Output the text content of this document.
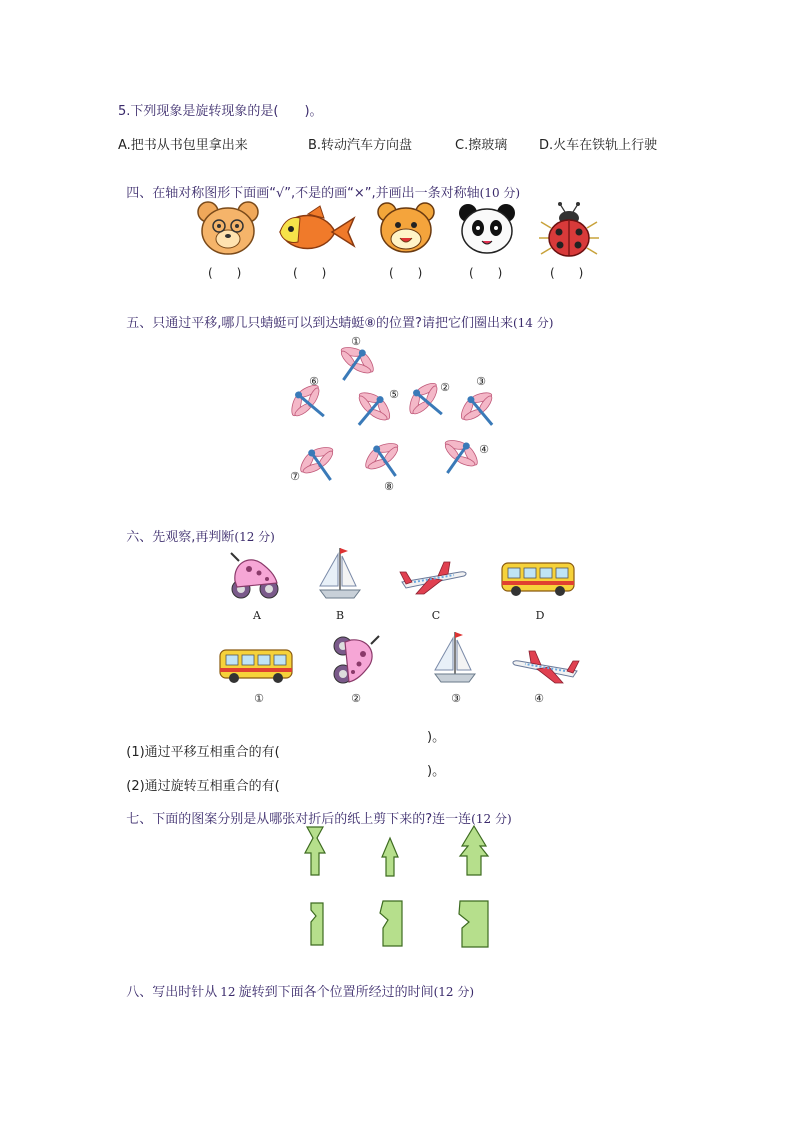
5.下列现象是旋转现象的是(　　)。
A.把书从书包里拿出来	B.转动汽车方向盘	C.擦玻璃 D.火车在铁轨上行驶

四、在轴对称图形下面画“√”,不是的画“×”,并画出一条对称轴(10 分)

(　　)	(　　)	(　　)	(　　)	(　　)

五、只通过平移,哪几只蜻蜓可以到达蜻蜓⑧的位置?请把它们圈出来(14 分)

①
②	③
④
⑤
⑥
⑦
⑧

六、先观察,再判断(12 分)

A	B	C	D
①	②	③	④

(1)通过平移互相重合的有(

)。

(2)通过旋转互相重合的有(

)。

七、下面的图案分别是从哪张对折后的纸上剪下来的?连一连(12 分)

八、写出时针从 12 旋转到下面各个位置所经过的时间(12 分)
